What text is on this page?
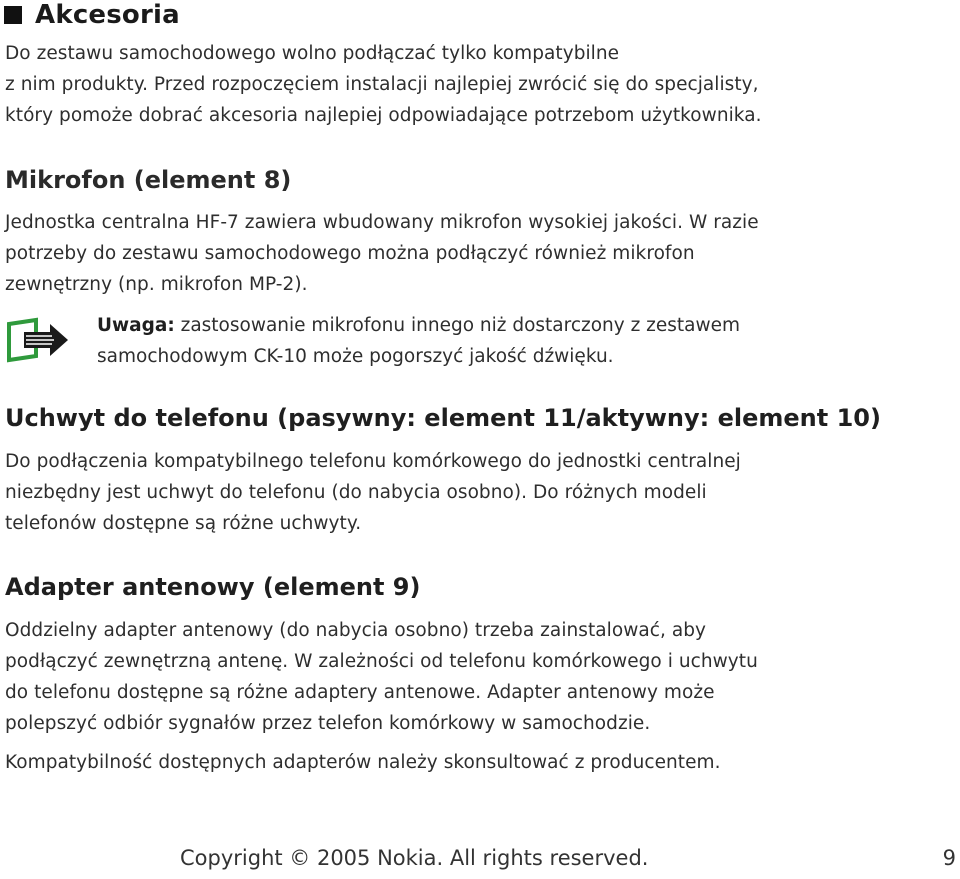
Akcesoria

Do zestawu samochodowego wolno podłączać tylko kompatybilne
z nim produkty. Przed rozpoczęciem instalacji najlepiej zwrócić się do specjalisty,
który pomoże dobrać akcesoria najlepiej odpowiadające potrzebom użytkownika.

Mikrofon (element 8)

Jednostka centralna HF-7 zawiera wbudowany mikrofon wysokiej jakości. W razie
potrzeby do zestawu samochodowego można podłączyć również mikrofon
zewnętrzny (np. mikrofon MP-2).

Uwaga: zastosowanie mikrofonu innego niż dostarczony z zestawem
samochodowym CK-10 może pogorszyć jakość dźwięku.

Uchwyt do telefonu (pasywny: element 11/aktywny: element 10)

Do podłączenia kompatybilnego telefonu komórkowego do jednostki centralnej
niezbędny jest uchwyt do telefonu (do nabycia osobno). Do różnych modeli
telefonów dostępne są różne uchwyty.

Adapter antenowy (element 9)

Oddzielny adapter antenowy (do nabycia osobno) trzeba zainstalować, aby
podłączyć zewnętrzną antenę. W zależności od telefonu komórkowego i uchwytu
do telefonu dostępne są różne adaptery antenowe. Adapter antenowy może
polepszyć odbiór sygnałów przez telefon komórkowy w samochodzie.

Kompatybilność dostępnych adapterów należy skonsultować z producentem.

Copyright © 2005 Nokia. All rights reserved.	9
